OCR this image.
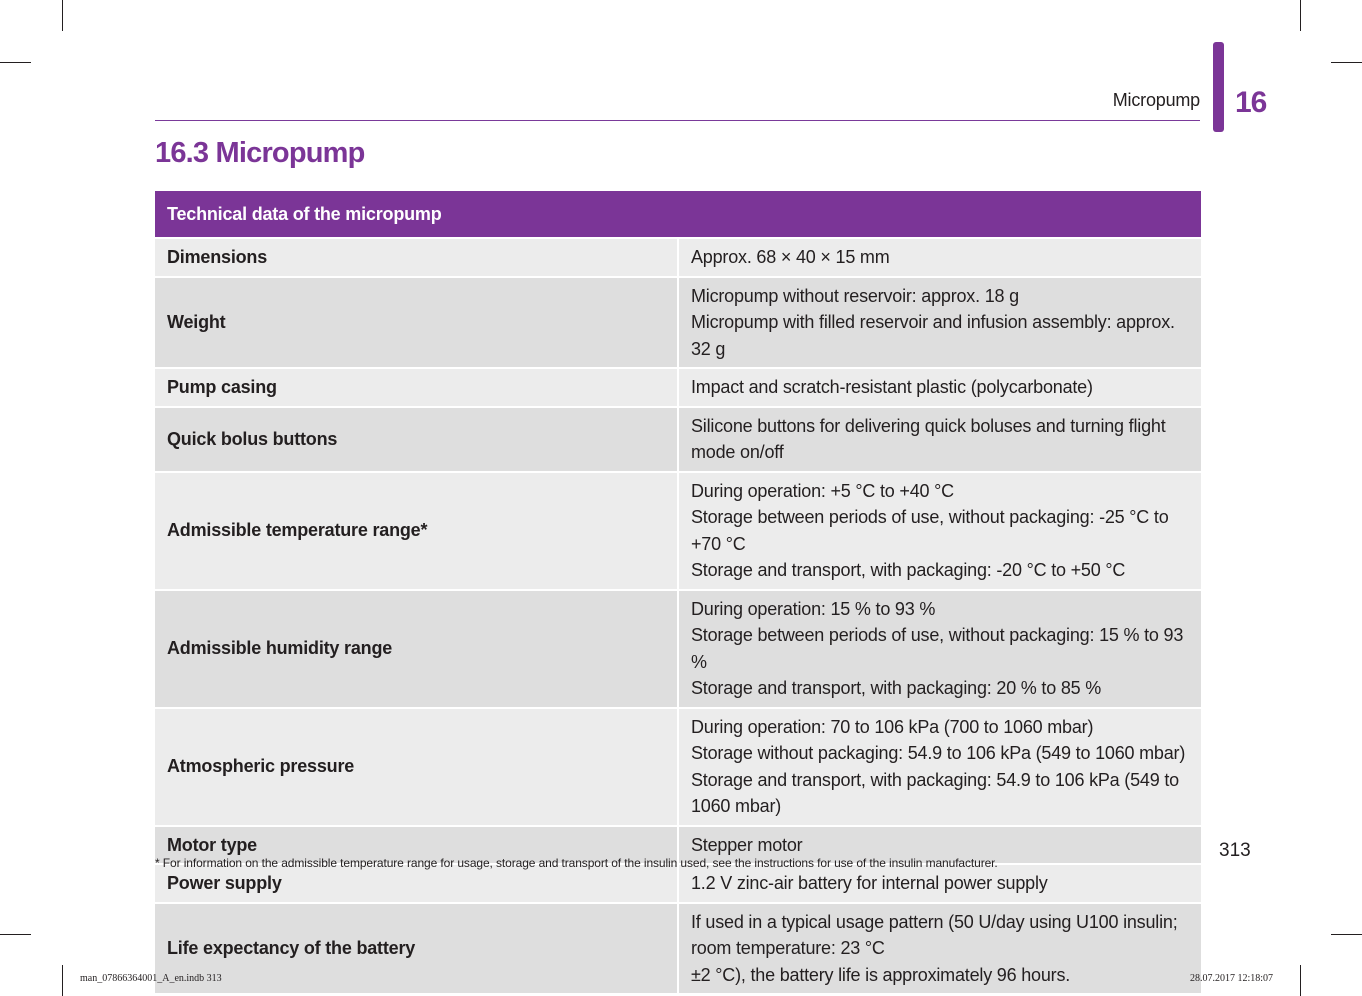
Micropump 16
16.3 Micropump
Technical data of the micropump	
Dimensions	Approx. 68 × 40 × 15 mm

Weight	Micropump without reservoir: approx. 18 g
Micropump with filled reservoir and infusion assembly: approx. 32 g

Pump casing	Impact and scratch-resistant plastic (polycarbonate)

Quick bolus buttons	Silicone buttons for delivering quick boluses and turning flight mode on/off

Admissible temperature range*	During operation: +5 °C to +40 °C
Storage between periods of use, without packaging: -25 °C to +70 °C
Storage and transport, with packaging: -20 °C to +50 °C

Admissible humidity range	During operation: 15 % to 93 %
Storage between periods of use, without packaging: 15 % to 93 %
Storage and transport, with packaging: 20 % to 85 %

Atmospheric pressure	During operation: 70 to 106 kPa (700 to 1060 mbar)
Storage without packaging: 54.9 to 106 kPa (549 to 1060 mbar)
Storage and transport, with packaging: 54.9 to 106 kPa (549 to 1060 mbar)

Motor type	Stepper motor

Power supply	1.2 V zinc-air battery for internal power supply

Life expectancy of the battery	If used in a typical usage pattern (50 U/day using U100 insulin; room temperature: 23 °C
±2 °C), the battery life is approximately 96 hours.
313
* For information on the admissible temperature range for usage, storage and transport of the insulin used, see the instructions for use of the insulin manufacturer.
man_07866364001_A_en.indb 313	28.07.2017 12:18:07
